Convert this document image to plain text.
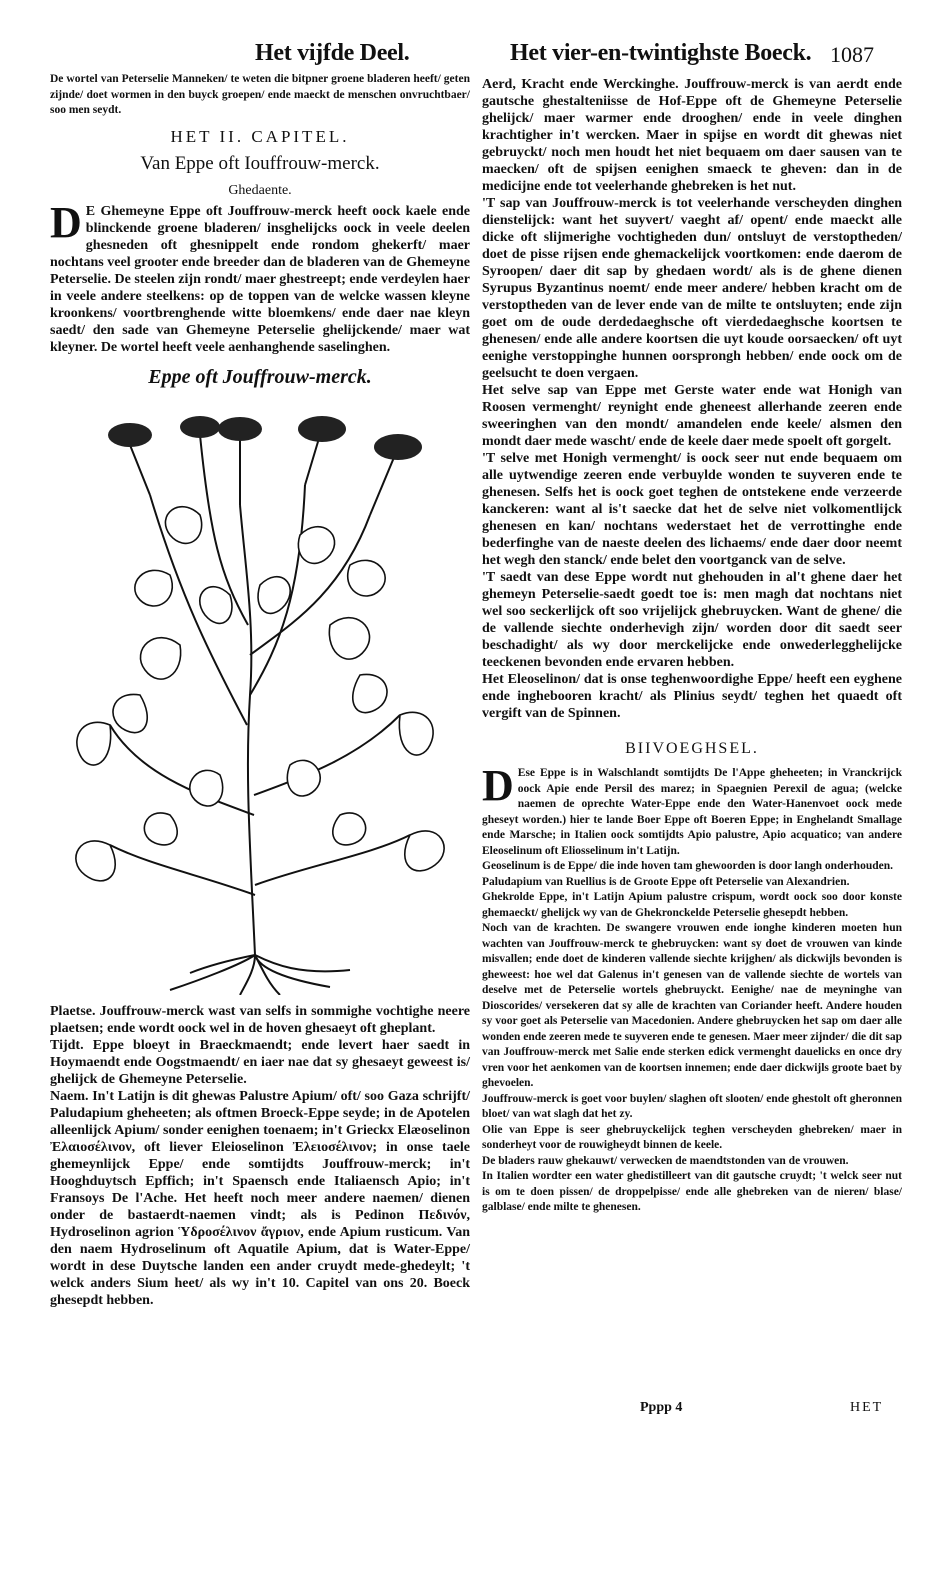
Het vijfde Deel.	Het vier-en-twintighste Boeck. 1087

De wortel van Peterselie Manneken/ te weten die bitpner groene bladeren heeft/ geten zijnde/ doet wormen in den buyck groepen/ ende maeckt de menschen onvruchtbaer/ soo men seydt.

HET II. CAPITEL.
Van Eppe oft Iouffrouw-merck.
Ghedaente.

D E Ghemeyne Eppe oft Jouffrouw-merck heeft oock kaele ende blinckende groene bladeren/ insghelijcks oock in veele deelen ghesneden oft ghesnippelt ende rondom ghekerft/ maer nochtans veel grooter ende breeder dan de bladeren van de Ghemeyne Peterselie. De steelen zijn rondt/ maer ghestreept; ende verdeylen haer in veele andere steelkens: op de toppen van de welcke wassen kleyne kroonkens/ voortbrenghende witte bloemkens/ ende daer nae kleyn saedt/ den sade van Ghemeyne Peterselie ghelijckende/ maer wat kleyner. De wortel heeft veele aenhanghende saselinghen.

Eppe oft Jouffrouw-merck.

Plaetse. Jouffrouw-merck wast van selfs in sommighe vochtighe neere plaetsen; ende wordt oock wel in de hoven ghesaeyt oft gheplant.

Tijdt. Eppe bloeyt in Braeckmaendt; ende levert haer saedt in Hoymaendt ende Oogstmaendt/ en iaer nae dat sy ghesaeyt geweest is/ ghelijck de Ghemeyne Peterselie.

Naem. In't Latijn is dit ghewas Palustre Apium/ oft/ soo Gaza schrijft/ Paludapium gheheeten; als oftmen Broeck-Eppe seyde; in de Apotelen alleenlijck Apium/ sonder eenighen toenaem; in't Grieckx Elæoselinon Ἐλαιοσέλινον, oft liever Eleioselinon Ἐλειοσέλινον; in onse taele ghemeynlijck Eppe/ ende somtijdts Jouffrouw-merck; in't Hooghduytsch Epffich; in't Spaensch ende Italiaensch Apio; in't Fransoys De l'Ache. Het heeft noch meer andere naemen/ dienen onder de bastaerdt-naemen vindt; als is Pedinon Πεδινόν, Hydroselinon agrion Ὑδροσέλινον ἄγριον, ende Apium rusticum. Van den naem Hydroselinum oft Aquatile Apium, dat is Water-Eppe/ wordt in dese Duytsche landen een ander cruydt mede-ghedeylt; 't welck anders Sium heet/ als wy in't 10. Capitel van ons 20. Boeck ghesepdt hebben.

Aerd, Kracht ende Werckinghe. Jouffrouw-merck is van aerdt ende gautsche ghestalteniisse de Hof-Eppe oft de Ghemeyne Peterselie ghelijck/ maer warmer ende drooghen/ ende in veele dinghen krachtigher in't wercken. Maer in spijse en wordt dit ghewas niet gebruyckt/ noch men houdt het niet bequaem om daer sausen van te maecken/ oft de spijsen eenighen smaeck te gheven: dan in de medicijne ende tot veelerhande ghebreken is het nut.

'T sap van Jouffrouw-merck is tot veelerhande verscheyden dinghen dienstelijck: want het suyvert/ vaeght af/ opent/ ende maeckt alle dicke oft slijmerighe vochtigheden dun/ ontsluyt de verstoptheden/ doet de pisse rijsen ende ghemackelijck voortkomen: ende daerom de Syroopen/ daer dit sap by ghedaen wordt/ als is de ghene dienen Syrupus Byzantinus noemt/ ende meer andere/ hebben kracht om de verstoptheden van de lever ende van de milte te ontsluyten; ende zijn goet om de oude derdedaeghsche oft vierdedaeghsche koortsen te ghenesen/ ende alle andere koortsen die uyt koude oorsaecken/ oft uyt eenighe verstoppinghe hunnen oorsprongh hebben/ ende oock om de geelsucht te doen vergaen.

Het selve sap van Eppe met Gerste water ende wat Honigh van Roosen vermenght/ reynight ende gheneest allerhande zeeren ende sweeringhen van den mondt/ amandelen ende keele/ alsmen den mondt daer mede wascht/ ende de keele daer mede spoelt oft gorgelt.

'T selve met Honigh vermenght/ is oock seer nut ende bequaem om alle uytwendige zeeren ende verbuylde wonden te suyveren ende te ghenesen. Selfs het is oock goet teghen de ontstekene ende verzeerde kanckeren: want al is't saecke dat het de selve niet volkomentlijck ghenesen en kan/ nochtans wederstaet het de verrottinghe ende bederfinghe van de naeste deelen des lichaems/ ende daer door neemt het wegh den stanck/ ende belet den voortganck van de selve.

'T saedt van dese Eppe wordt nut ghehouden in al't ghene daer het ghemeyn Peterselie-saedt goedt toe is: men magh dat nochtans niet wel soo seckerlijck oft soo vrijelijck ghebruycken. Want de ghene/ die de vallende siechte onderhevigh zijn/ worden door dit saedt seer beschadight/ als wy door merckelijcke ende onwederlegghelijcke teeckenen bevonden ende ervaren hebben.

Het Eleoselinon/ dat is onse teghenwoordighe Eppe/ heeft een eyghene ende inghebooren kracht/ als Plinius seydt/ teghen het quaedt oft vergift van de Spinnen.

BIIVOEGHSEL.

D Ese Eppe is in Walschlandt somtijdts De l'Appe gheheeten; in Vranckrijck oock Apie ende Persil des marez; in Spaegnien Perexil de agua; (welcke naemen de oprechte Water-Eppe ende den Water-Hanenvoet oock mede gheseyt worden.) hier te lande Boer Eppe oft Boeren Eppe; in Enghelandt Smallage ende Marsche; in Italien oock somtijdts Apio palustre, Apio acquatico; van andere Eleoselinum oft Eliosselinum in't Latijn.

Geoselinum is de Eppe/ die inde hoven tam ghewoorden is door langh onderhouden.

Paludapium van Ruellius is de Groote Eppe oft Peterselie van Alexandrien.

Ghekrolde Eppe, in't Latijn Apium palustre crispum, wordt oock soo door konste ghemaeckt/ ghelijck wy van de Ghekronckelde Peterselie ghesepdt hebben.

Noch van de krachten. De swangere vrouwen ende ionghe kinderen moeten hun wachten van Jouffrouw-merck te ghebruycken: want sy doet de vrouwen van kinde misvallen; ende doet de kinderen vallende siechte krijghen/ als dickwijls bevonden is gheweest: hoe wel dat Galenus in't genesen van de vallende siechte de wortels van deselve met de Peterselie wortels ghebruyckt. Eenighe/ nae de meyninghe van Dioscorides/ versekeren dat sy alle de krachten van Coriander heeft. Andere houden sy voor goet als Peterselie van Macedonien. Andere ghebruycken het sap om daer alle wonden ende zeeren mede te suyveren ende te genesen. Maer meer zijnder/ die dit sap van Jouffrouw-merck met Salie ende sterken edick vermenght dauelicks en once dry vren voor het aenkomen van de koortsen innemen; ende daer dickwijls groote baet by ghevoelen.

Jouffrouw-merck is goet voor buylen/ slaghen oft slooten/ ende ghestolt oft gheronnen bloet/ van wat slagh dat het zy.

Olie van Eppe is seer ghebruyckelijck teghen verscheyden ghebreken/ maer in sonderheyt voor de rouwigheydt binnen de keele.

De bladers rauw ghekauwt/ verwecken de maendtstonden van de vrouwen.

In Italien wordter een water ghedistilleert van dit gautsche cruydt; 't welck seer nut is om te doen pissen/ de droppelpisse/ ende alle ghebreken van de nieren/ blase/ galblase/ ende milte te ghenesen.

Pppp 4	HET
